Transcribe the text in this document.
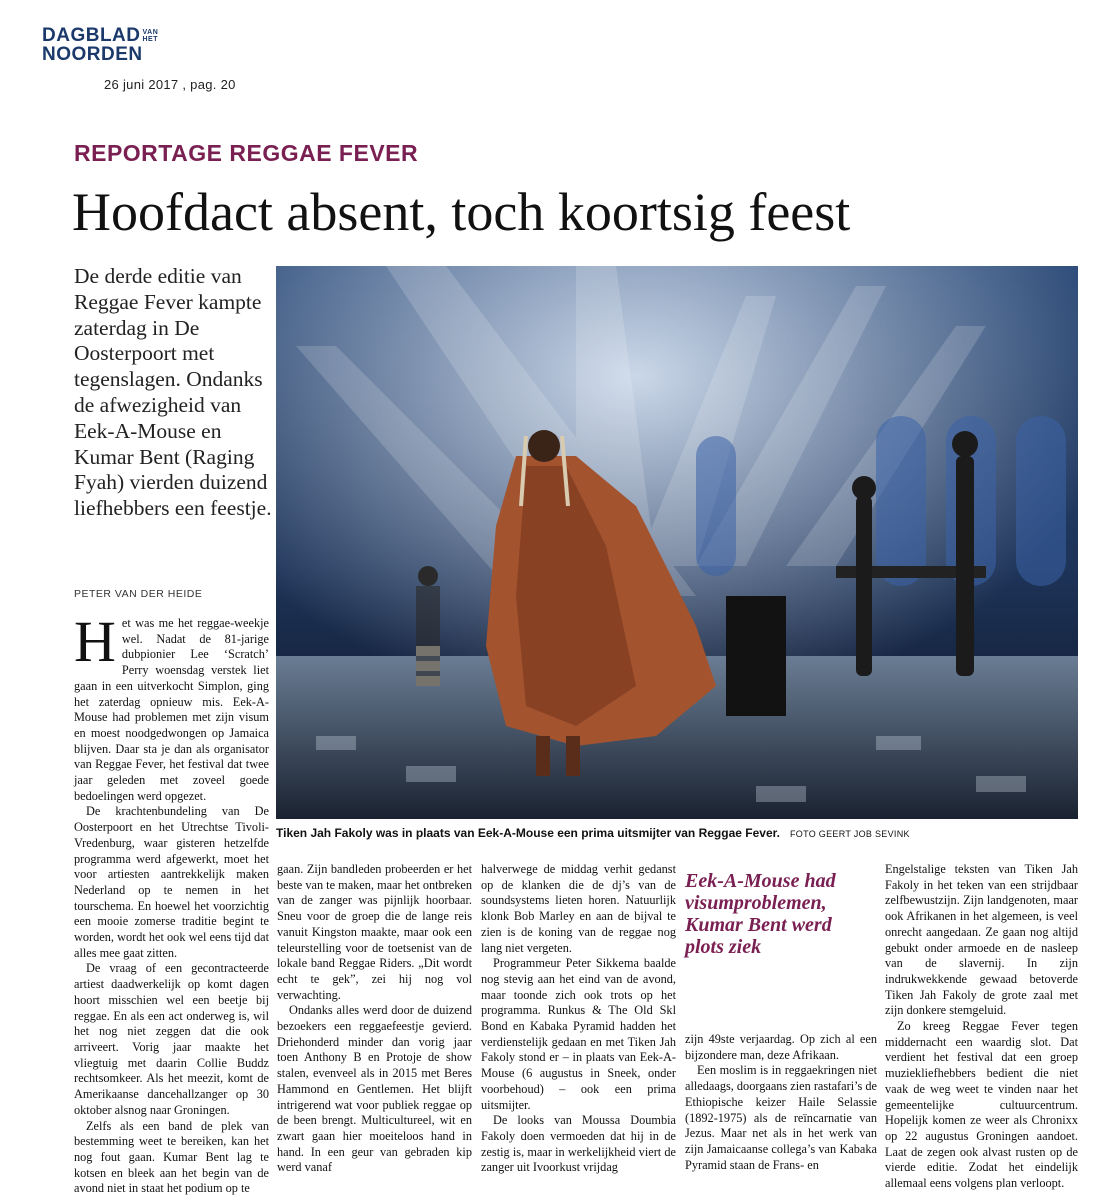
DAGBLAD VAN
HET
NOORDEN
26 juni 2017 , pag. 20
REPORTAGE REGGAE FEVER
Hoofdact absent, toch koortsig feest
De derde editie van Reggae Fever kampte zaterdag in De Oosterpoort met tegenslagen. Ondanks de afwezigheid van Eek-A-Mouse en Kumar Bent (Raging Fyah) vierden duizend liefhebbers een feestje.
Tiken Jah Fakoly was in plaats van Eek-A-Mouse een prima uitsmijter van Reggae Fever. FOTO GEERT JOB SEVINK
PETER VAN DER HEIDE

Het was me het reggae-weekje wel. Nadat de 81-jarige dubpionier Lee ‘Scratch’ Perry woensdag verstek liet gaan in een uitverkocht Simplon, ging het zaterdag opnieuw mis. Eek-A-Mouse had problemen met zijn visum en moest noodgedwongen op Jamaica blijven. Daar sta je dan als organisator van Reggae Fever, het festival dat twee jaar geleden met zoveel goede bedoelingen werd opgezet.

De krachtenbundeling van De Oosterpoort en het Utrechtse Tivoli-Vredenburg, waar gisteren hetzelfde programma werd afgewerkt, moet het voor artiesten aantrekkelijk maken Nederland op te nemen in het tourschema. En hoewel het voorzichtig een mooie zomerse traditie begint te worden, wordt het ook wel eens tijd dat alles mee gaat zitten.

De vraag of een gecontracteerde artiest daadwerkelijk op komt dagen hoort misschien wel een beetje bij reggae. En als een act onderweg is, wil het nog niet zeggen dat die ook arriveert. Vorig jaar maakte het vliegtuig met daarin Collie Buddz rechtsomkeer. Als het meezit, komt de Amerikaanse dancehallzanger op 30 oktober alsnog naar Groningen.

Zelfs als een band de plek van bestemming weet te bereiken, kan het nog fout gaan. Kumar Bent lag te kotsen en bleek aan het begin van de avond niet in staat het podium op te

gaan. Zijn bandleden probeerden er het beste van te maken, maar het ontbreken van de zanger was pijnlijk hoorbaar. Sneu voor de groep die de lange reis vanuit Kingston maakte, maar ook een teleurstelling voor de toetsenist van de lokale band Reggae Riders. „Dit wordt echt te gek”, zei hij nog vol verwachting.

Ondanks alles werd door de duizend bezoekers een reggaefeestje gevierd. Driehonderd minder dan vorig jaar toen Anthony B en Protoje de show stalen, evenveel als in 2015 met Beres Hammond en Gentlemen. Het blijft intrigerend wat voor publiek reggae op de been brengt. Multicultureel, wit en zwart gaan hier moeiteloos hand in hand. In een geur van gebraden kip werd vanaf

halverwege de middag verhit gedanst op de klanken die de dj’s van de soundsystems lieten horen. Natuurlijk klonk Bob Marley en aan de bijval te zien is de koning van de reggae nog lang niet vergeten.

Programmeur Peter Sikkema baalde nog stevig aan het eind van de avond, maar toonde zich ook trots op het programma. Runkus & The Old Skl Bond en Kabaka Pyramid hadden het verdienstelijk gedaan en met Tiken Jah Fakoly stond er – in plaats van Eek-A-Mouse (6 augustus in Sneek, onder voorbehoud) – ook een prima uitsmijter.

De looks van Moussa Doumbia Fakoly doen vermoeden dat hij in de zestig is, maar in werkelijkheid viert de zanger uit Ivoorkust vrijdag

Eek-A-Mouse had visumproblemen, Kumar Bent werd plots ziek

zijn 49ste verjaardag. Op zich al een bijzondere man, deze Afrikaan.

Een moslim is in reggaekringen niet alledaags, doorgaans zien rastafari’s de Ethiopische keizer Haile Selassie (1892-1975) als de reïncarnatie van Jezus. Maar net als in het werk van zijn Jamaicaanse collega’s van Kabaka Pyramid staan de Frans- en

Engelstalige teksten van Tiken Jah Fakoly in het teken van een strijdbaar zelfbewustzijn. Zijn landgenoten, maar ook Afrikanen in het algemeen, is veel onrecht aangedaan. Ze gaan nog altijd gebukt onder armoede en de nasleep van de slavernij. In zijn indrukwekkende gewaad betoverde Tiken Jah Fakoly de grote zaal met zijn donkere stemgeluid.

Zo kreeg Reggae Fever tegen middernacht een waardig slot. Dat verdient het festival dat een groep muziekliefhebbers bedient die niet vaak de weg weet te vinden naar het gemeentelijke cultuurcentrum. Hopelijk komen ze weer als Chronixx op 22 augustus Groningen aandoet. Laat de zegen ook alvast rusten op de vierde editie. Zodat het eindelijk allemaal eens volgens plan verloopt.
